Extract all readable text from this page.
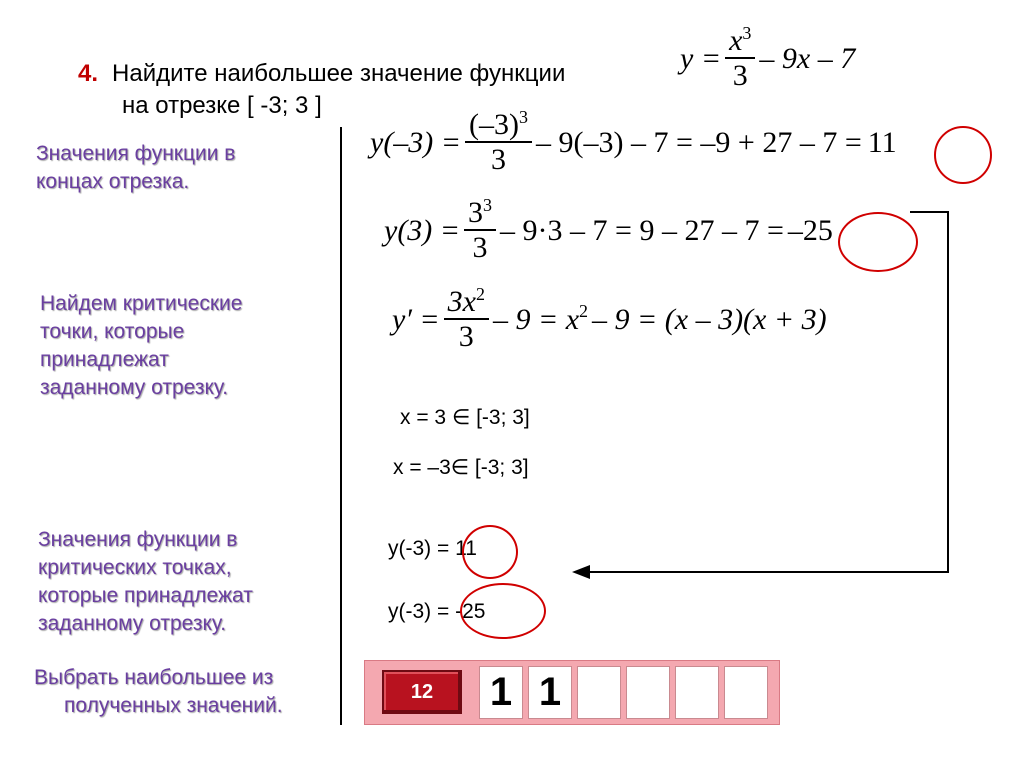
4. Найдите наибольшее значение функции
на отрезке [ -3; 3 ]
$y = \frac{x^3}{3} - 9x - 7$
Значения функции в
концах отрезка.
Найдем критические
точки, которые
принадлежат
заданному отрезку.
Значения функции в
критических точках,
которые принадлежат
заданному отрезку.
Выбрать наибольшее из
полученных значений.
$y(-3) = \frac{(-3)^3}{3} - 9(-3) - 7 = -9 + 27 - 7 = 11$
$y(3) = \frac{3^3}{3} - 9\cdot 3 - 7 = 9 - 27 - 7 = -25$
$y' = \frac{3x^2}{3} - 9 = x^2 - 9 = (x - 3)(x + 3)$
x = 3 ∈ [-3; 3]
x = –3∈ [-3; 3]
y(-3) = 11
y(-3) = -25
12	1 1
